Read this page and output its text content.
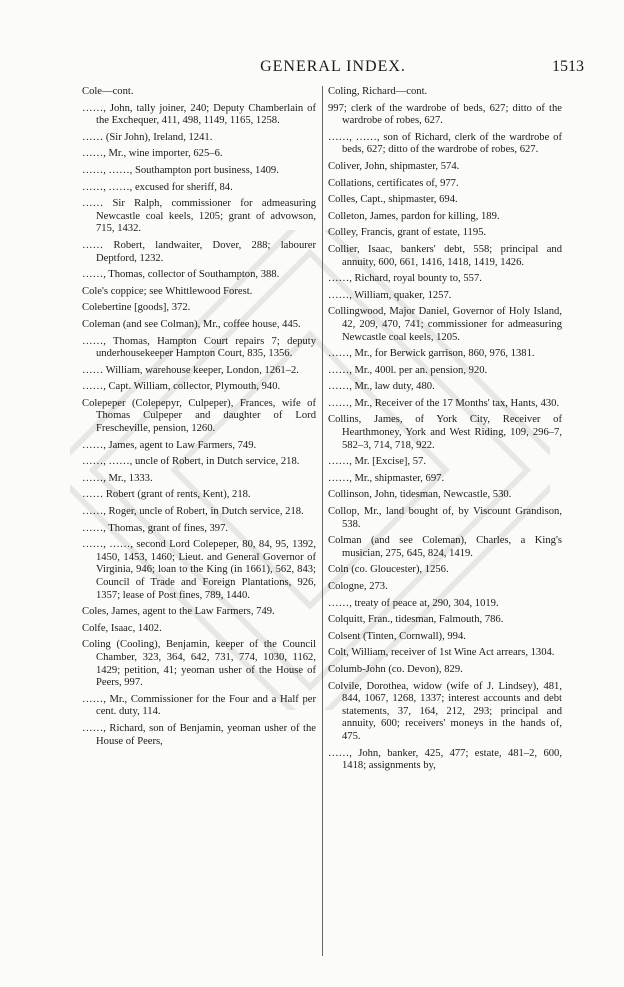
GENERAL INDEX.	1513

Cole—cont.

……, John, tally joiner, 240; Deputy Chamberlain of the Exchequer, 411, 498, 1149, 1165, 1258.

…… (Sir John), Ireland, 1241.

……, Mr., wine importer, 625–6.

……, ……, Southampton port business, 1409.

……, ……, excused for sheriff, 84.

…… Sir Ralph, commissioner for admeasuring Newcastle coal keels, 1205; grant of advowson, 715, 1432.

…… Robert, landwaiter, Dover, 288; labourer Deptford, 1232.

……, Thomas, collector of Southampton, 388.

Cole's coppice; see Whittlewood Forest.

Colebertine [goods], 372.

Coleman (and see Colman), Mr., coffee house, 445.

……, Thomas, Hampton Court repairs 7; deputy underhousekeeper Hampton Court, 835, 1356.

…… William, warehouse keeper, London, 1261–2.

……, Capt. William, collector, Plymouth, 940.

Colepeper (Colepepyr, Culpeper), Frances, wife of Thomas Culpeper and daughter of Lord Frescheville, pension, 1260.

……, James, agent to Law Farmers, 749.

……, ……, uncle of Robert, in Dutch service, 218.

……, Mr., 1333.

…… Robert (grant of rents, Kent), 218.

……, Roger, uncle of Robert, in Dutch service, 218.

……, Thomas, grant of fines, 397.

……, ……, second Lord Colepeper, 80, 84, 95, 1392, 1450, 1453, 1460; Lieut. and General Governor of Virginia, 946; loan to the King (in 1661), 562, 843; Council of Trade and Foreign Plantations, 926, 1357; lease of Post fines, 789, 1440.

Coles, James, agent to the Law Farmers, 749.

Colfe, Isaac, 1402.

Coling (Cooling), Benjamin, keeper of the Council Chamber, 323, 364, 642, 731, 774, 1030, 1162, 1429; petition, 41; yeoman usher of the House of Peers, 997.

……, Mr., Commissioner for the Four and a Half per cent. duty, 114.

……, Richard, son of Benjamin, yeoman usher of the House of Peers,

Coling, Richard—cont.

997; clerk of the wardrobe of beds, 627; ditto of the wardrobe of robes, 627.

……, ……, son of Richard, clerk of the wardrobe of beds, 627; ditto of the wardrobe of robes, 627.

Coliver, John, shipmaster, 574.

Collations, certificates of, 977.

Colles, Capt., shipmaster, 694.

Colleton, James, pardon for killing, 189.

Colley, Francis, grant of estate, 1195.

Collier, Isaac, bankers' debt, 558; principal and annuity, 600, 661, 1416, 1418, 1419, 1426.

……, Richard, royal bounty to, 557.

……, William, quaker, 1257.

Collingwood, Major Daniel, Governor of Holy Island, 42, 209, 470, 741; commissioner for admeasuring Newcastle coal keels, 1205.

……, Mr., for Berwick garrison, 860, 976, 1381.

……, Mr., 400l. per an. pension, 920.

……, Mr., law duty, 480.

……, Mr., Receiver of the 17 Months' tax, Hants, 430.

Collins, James, of York City, Receiver of Hearthmoney, York and West Riding, 109, 296–7, 582–3, 714, 718, 922.

……, Mr. [Excise], 57.

……, Mr., shipmaster, 697.

Collinson, John, tidesman, Newcastle, 530.

Collop, Mr., land bought of, by Viscount Grandison, 538.

Colman (and see Coleman), Charles, a King's musician, 275, 645, 824, 1419.

Coln (co. Gloucester), 1256.

Cologne, 273.

……, treaty of peace at, 290, 304, 1019.

Colquitt, Fran., tidesman, Falmouth, 786.

Colsent (Tinten, Cornwall), 994.

Colt, William, receiver of 1st Wine Act arrears, 1304.

Columb-John (co. Devon), 829.

Colvile, Dorothea, widow (wife of J. Lindsey), 481, 844, 1067, 1268, 1337; interest accounts and debt statements, 37, 164, 212, 293; principal and annuity, 600; receivers' moneys in the hands of, 475.

……, John, banker, 425, 477; estate, 481–2, 600, 1418; assignments by,
